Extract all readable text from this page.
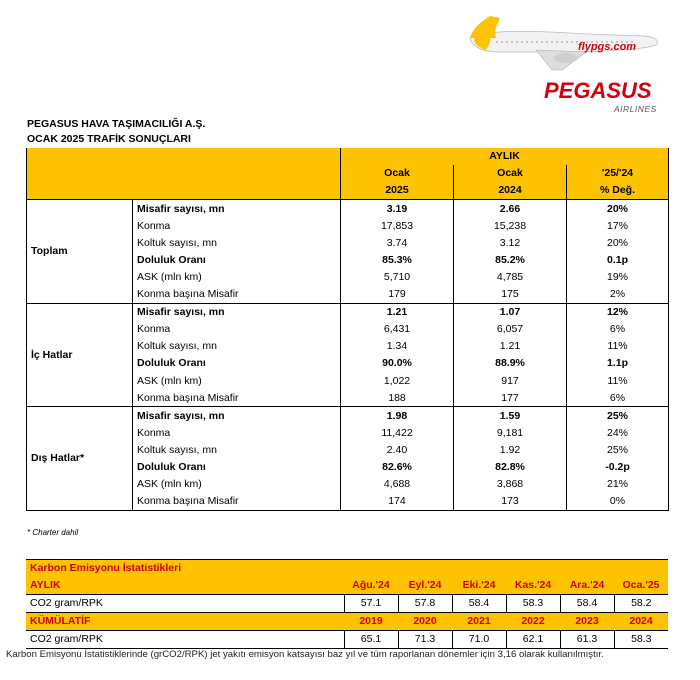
flypgs.com
PEGASUS
AIRLINES
PEGASUS HAVA TAŞIMACILIĞI A.Ş.
OCAK 2025 TRAFİK SONUÇLARI
		AYLIK		
		Ocak	Ocak	'25/'24
		2025	2024	% Değ.
Toplam	Misafir sayısı, mn	3.19	2.66	20%
	Konma	17,853	15,238	17%
	Koltuk sayısı, mn	3.74	3.12	20%
	Doluluk Oranı	85.3%	85.2%	0.1p
	ASK (mln km)	5,710	4,785	19%
	Konma başına Misafir	179	175	2%
İç Hatlar	Misafir sayısı, mn	1.21	1.07	12%
	Konma	6,431	6,057	6%
	Koltuk sayısı, mn	1.34	1.21	11%
	Doluluk Oranı	90.0%	88.9%	1.1p
	ASK (mln km)	1,022	917	11%
	Konma başına Misafir	188	177	6%
Dış Hatlar*	Misafir sayısı, mn	1.98	1.59	25%
	Konma	11,422	9,181	24%
	Koltuk sayısı, mn	2.40	1.92	25%
	Doluluk Oranı	82.6%	82.8%	-0.2p
	ASK (mln km)	4,688	3,868	21%
	Konma başına Misafir	174	173	0%
* Charter dahil
Karbon Emisyonu İstatistikleri						
AYLIK	Ağu.'24	Eyl.'24	Eki.'24	Kas.'24	Ara.'24	Oca.'25
CO2 gram/RPK	57.1	57.8	58.4	58.3	58.4	58.2
KÜMÜLATİF	2019	2020	2021	2022	2023	2024
CO2 gram/RPK	65.1	71.3	71.0	62.1	61.3	58.3
Karbon Emisyonu İstatistiklerinde (grCO2/RPK) jet yakıtı emisyon katsayısı baz yıl ve tüm raporlanan dönemler için 3,16 olarak kullanılmıştır.
